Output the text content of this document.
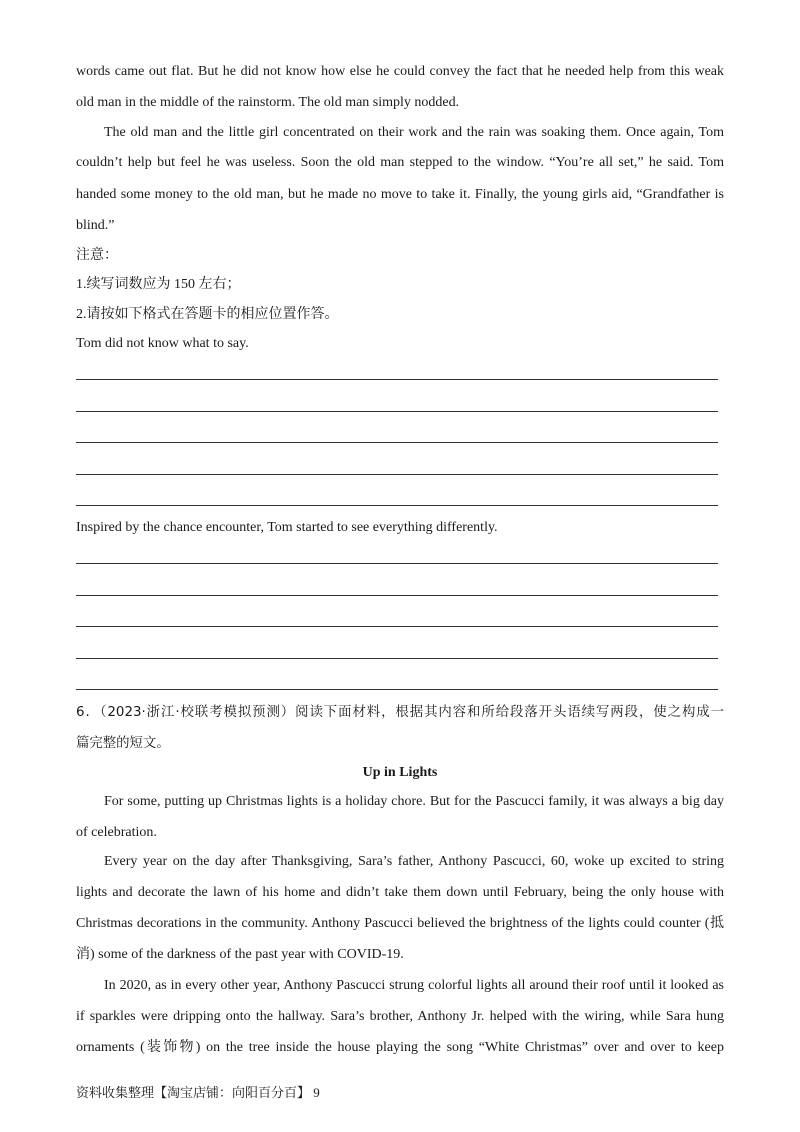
words came out flat. But he did not know how else he could convey the fact that he needed help from this weak
old man in the middle of the rainstorm. The old man simply nodded.
The old man and the little girl concentrated on their work and the rain was soaking them. Once again, Tom
couldn’t help but feel he was useless. Soon the old man stepped to the window. “You’re all set,” he said. Tom
handed some money to the old man, but he made no move to take it. Finally, the young girls aid, “Grandfather is
blind.”
注意：
1.续写词数应为 150 左右；
2.请按如下格式在答题卡的相应位置作答。
Tom did not know what to say.
Inspired by the chance encounter, Tom started to see everything differently.
6．（2023·浙江·校联考模拟预测）阅读下面材料，根据其内容和所给段落开头语续写两段，使之构成一
篇完整的短文。
Up in Lights
For some, putting up Christmas lights is a holiday chore. But for the Pascucci family, it was always a big day
of celebration.
Every year on the day after Thanksgiving, Sara’s father, Anthony Pascucci, 60, woke up excited to string
lights and decorate the lawn of his home and didn’t take them down until February, being the only house with
Christmas decorations in the community. Anthony Pascucci believed the brightness of the lights could counter (抵
消) some of the darkness of the past year with COVID-19.
In 2020, as in every other year, Anthony Pascucci strung colorful lights all around their roof until it looked as
if sparkles were dripping onto the hallway. Sara’s brother, Anthony Jr. helped with the wiring, while Sara hung
ornaments (装饰物) on the tree inside the house playing the song “White Christmas” over and over to keep
资料收集整理【淘宝店铺：向阳百分百】 9
